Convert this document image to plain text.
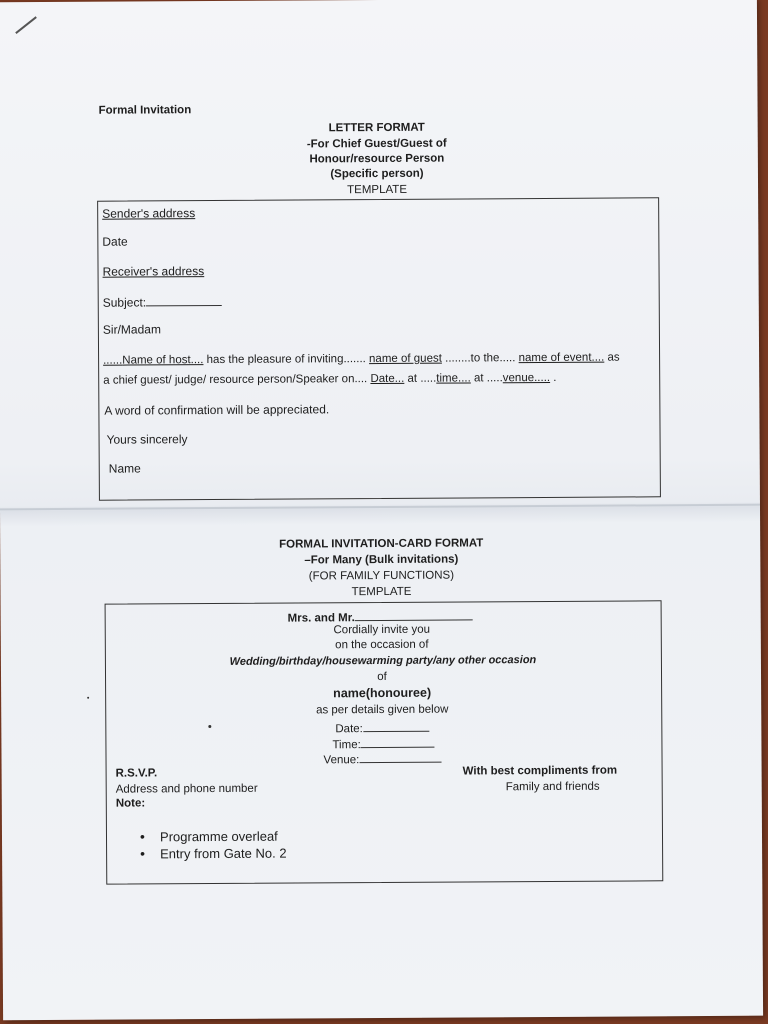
Formal Invitation
LETTER FORMAT
-For Chief Guest/Guest of
Honour/resource Person
(Specific person)
TEMPLATE
Sender's address
Date
Receiver's address
Subject:
Sir/Madam
......Name of host.... has the pleasure of inviting....... name of guest ........to the..... name of event.... as
a chief guest/ judge/ resource person/Speaker on.... Date... at .....time.... at .....venue..... .
A word of confirmation will be appreciated.
Yours sincerely
Name
FORMAL INVITATION-CARD FORMAT
–For Many (Bulk invitations)
(FOR FAMILY FUNCTIONS)
TEMPLATE
Mrs. and Mr.
Cordially invite you
on the occasion of
Wedding/birthday/housewarming party/any other occasion
of
name(honouree)
as per details given below
Date:
Time:
Venue:
R.S.V.P.
Address and phone number
Note:
With best compliments from
Family and friends
• Programme overleaf
• Entry from Gate No. 2
